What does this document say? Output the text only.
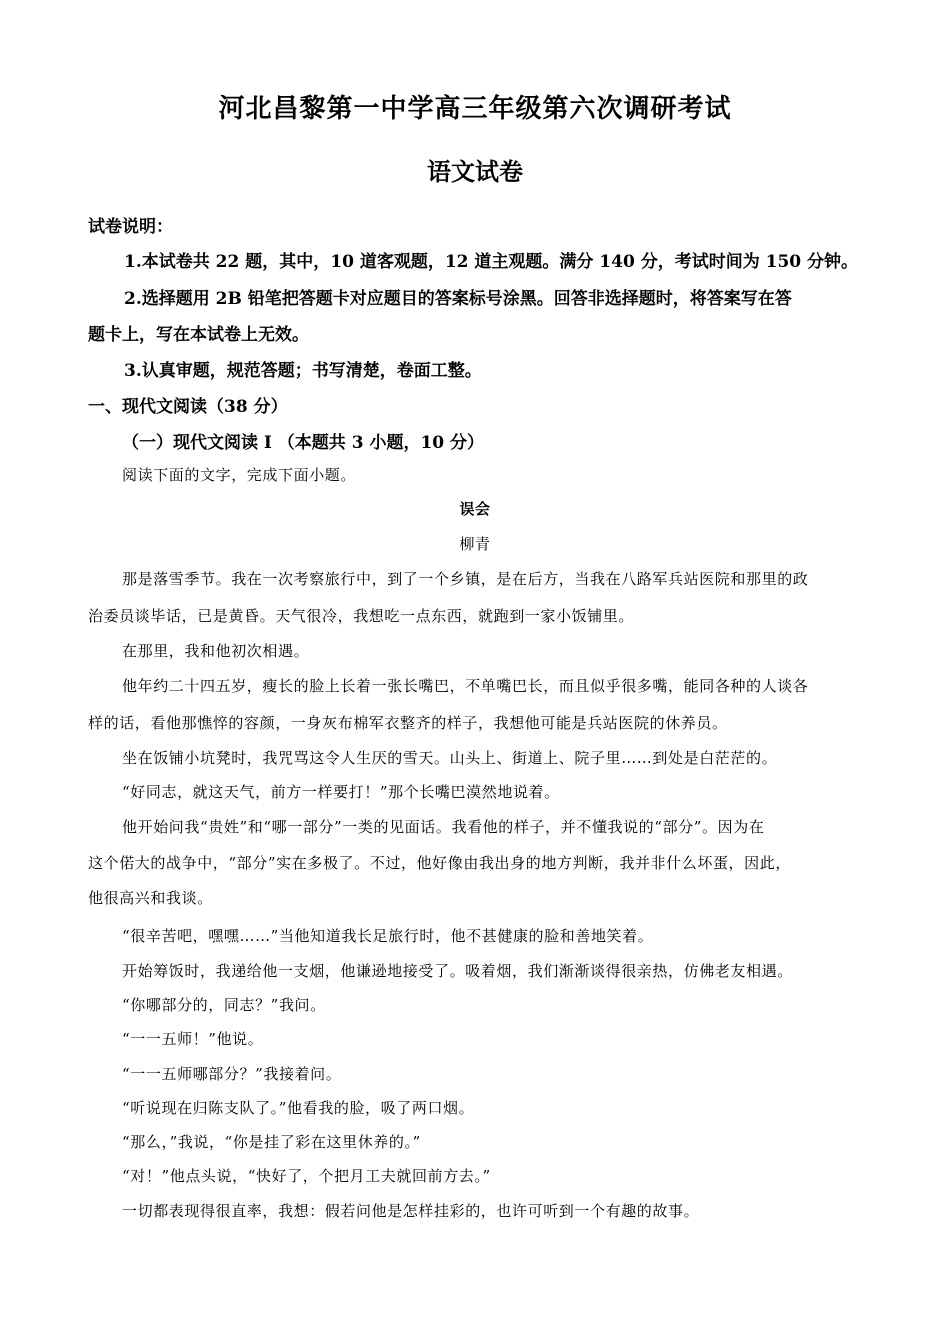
河北昌黎第一中学高三年级第六次调研考试
语文试卷
试卷说明：
1.本试卷共 22 题，其中，10 道客观题，12 道主观题。满分 140 分，考试时间为 150 分钟。
2.选择题用 2B 铅笔把答题卡对应题目的答案标号涂黑。回答非选择题时，将答案写在答
题卡上，写在本试卷上无效。
3.认真审题，规范答题；书写清楚，卷面工整。
一、现代文阅读（38 分）
（一）现代文阅读 I （本题共 3 小题，10 分）
阅读下面的文字，完成下面小题。
误会
柳青
那是落雪季节。我在一次考察旅行中，到了一个乡镇，是在后方，当我在八路军兵站医院和那里的政
治委员谈毕话，已是黄昏。天气很冷，我想吃一点东西，就跑到一家小饭铺里。
在那里，我和他初次相遇。
他年约二十四五岁，瘦长的脸上长着一张长嘴巴，不单嘴巴长，而且似乎很多嘴，能同各种的人谈各
样的话，看他那憔悴的容颜，一身灰布棉军衣整齐的样子，我想他可能是兵站医院的休养员。
坐在饭铺小坑凳时，我咒骂这令人生厌的雪天。山头上、街道上、院子里……到处是白茫茫的。
“好同志，就这天气，前方一样要打！”那个长嘴巴漠然地说着。
他开始问我“贵姓”和“哪一部分”一类的见面话。我看他的样子，并不懂我说的“部分”。因为在
这个偌大的战争中，“部分”实在多极了。不过，他好像由我出身的地方判断，我并非什么坏蛋，因此，
他很高兴和我谈。
“很辛苦吧，嘿嘿……”当他知道我长足旅行时，他不甚健康的脸和善地笑着。
开始筹饭时，我递给他一支烟，他谦逊地接受了。吸着烟，我们渐渐谈得很亲热，仿佛老友相遇。
“你哪部分的，同志？”我问。
“一一五师！”他说。
“一一五师哪部分？”我接着问。
“听说现在归陈支队了。”他看我的脸，吸了两口烟。
“那么，”我说，“你是挂了彩在这里休养的。”
“对！”他点头说，“快好了，个把月工夫就回前方去。”
一切都表现得很直率，我想：假若问他是怎样挂彩的，也许可听到一个有趣的故事。
